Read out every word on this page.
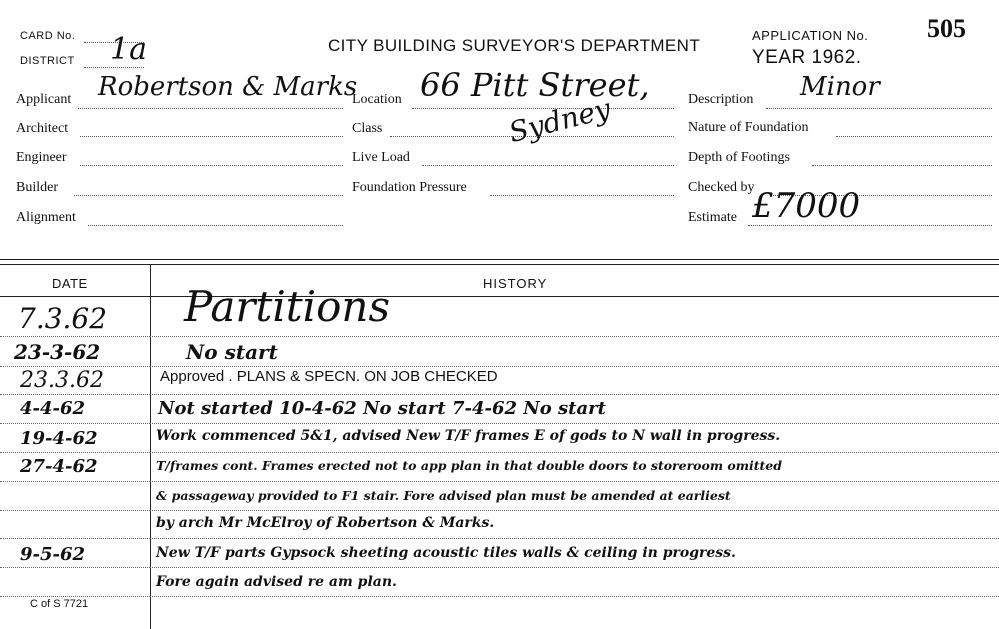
CARD No.
DISTRICT 1a	CITY BUILDING SURVEYOR'S DEPARTMENT
APPLICATION No. 505
YEAR 1962.
Applicant Robertson & Marks
Architect
Engineer
Builder
Alignment
Location 66 Pitt Street,
Sydney
Class
Live Load
Foundation Pressure
Description Minor
Nature of Foundation
Depth of Footings
Checked by
Estimate £7000
DATE	HISTORY
7.3.62 Partitions
23-3-62	No start
23.3.62	Approved . PLANS & SPECN. ON JOB CHECKED
4-4-62	Not started 10-4-62 No start 7-4-62 No start
19-4-62	Work commenced 5&1, advised New T/F frames E of gods to N wall in progress.
27-4-62	T/frames cont. Frames erected not to app plan in that double doors to storeroom omitted
& passageway provided to F1 stair. Fore advised plan must be amended at earliest
by arch Mr McElroy of Robertson & Marks.
9-5-62	New T/F parts Gypsock sheeting acoustic tiles walls & ceiling in progress.
Fore again advised re am plan.
C of S 7721
